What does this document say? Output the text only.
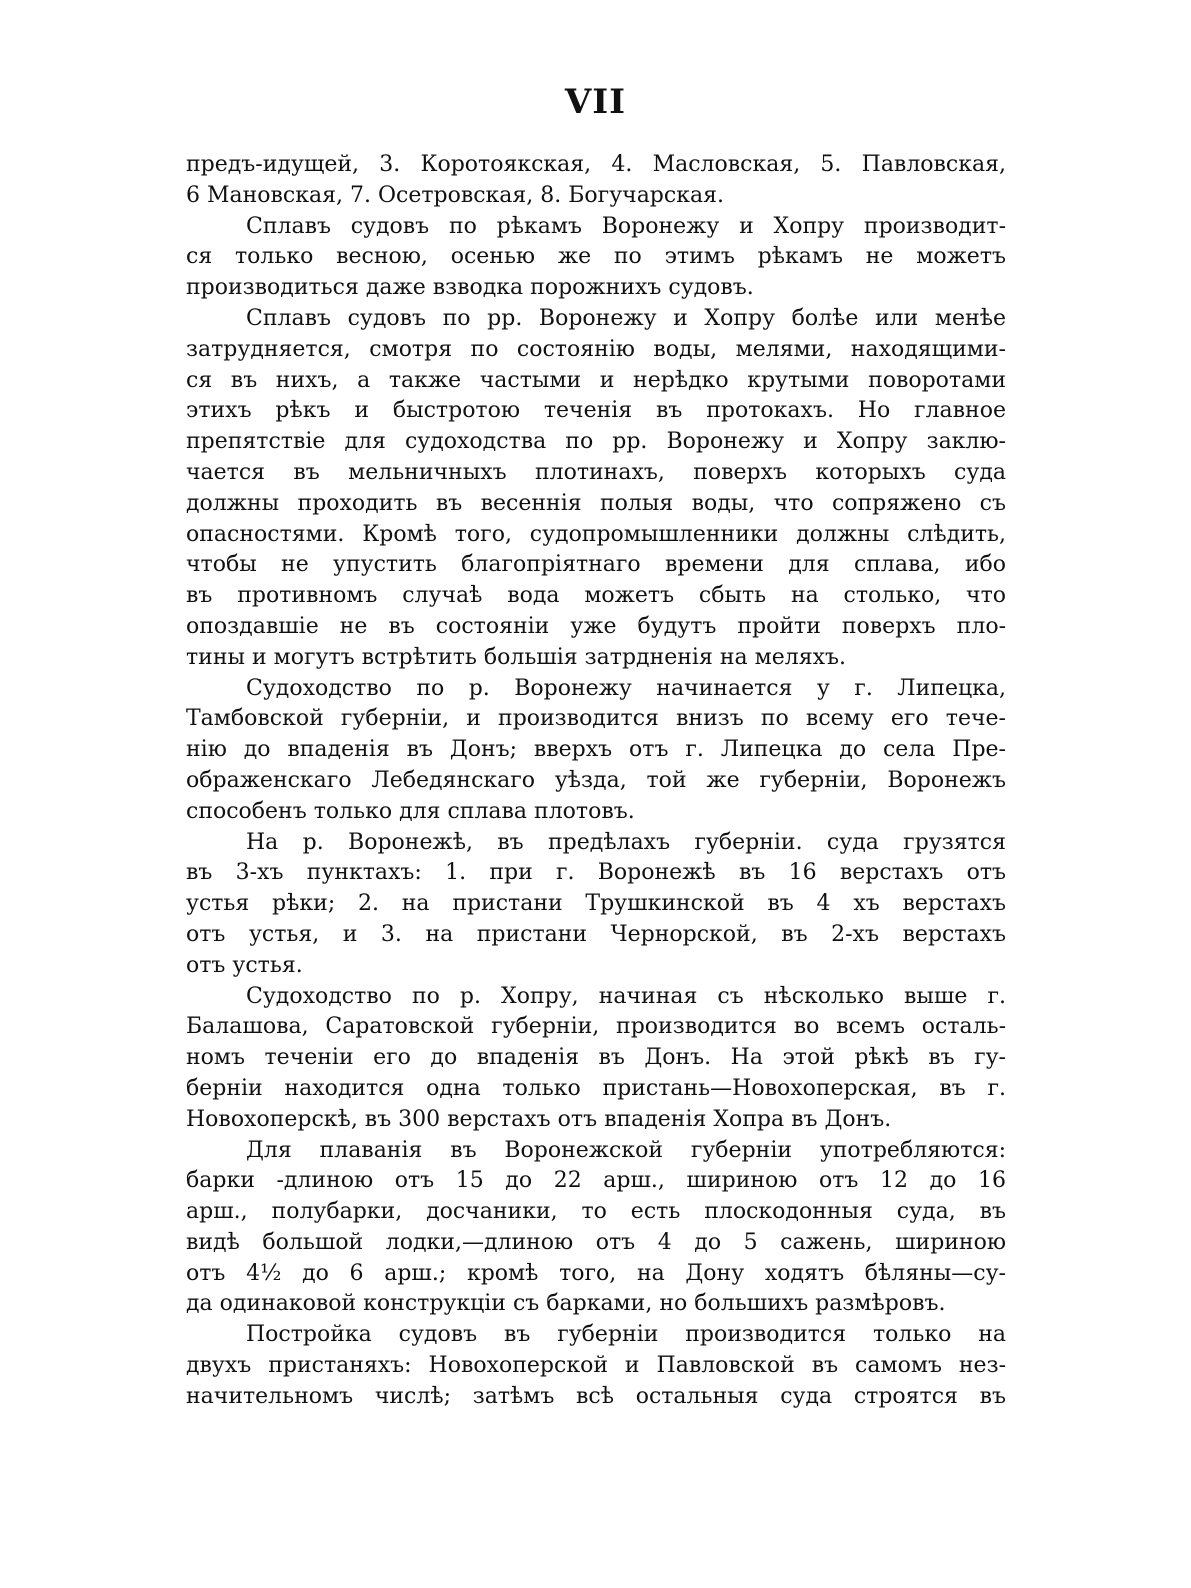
VII
предъ-идущей, 3. Коротоякская, 4. Масловская, 5. Павловская,
6 Мановская, 7. Осетровская, 8. Богучарская.
Сплавъ судовъ по рѣкамъ Воронежу и Хопру производит-
ся только весною, осенью же по этимъ рѣкамъ не можетъ
производиться даже взводка порожнихъ судовъ.
Сплавъ судовъ по рр. Воронежу и Хопру болѣе или менѣе
затрудняется, смотря по состоянію воды, мелями, находящими-
ся въ нихъ, а также частыми и нерѣдко крутыми поворотами
этихъ рѣкъ и быстротою теченія въ протокахъ. Но главное
препятствіе для судоходства по рр. Воронежу и Хопру заклю-
чается въ мельничныхъ плотинахъ, поверхъ которыхъ суда
должны проходить въ весеннія полыя воды, что сопряжено съ
опасностями. Кромѣ того, судопромышленники должны слѣдить,
чтобы не упустить благопріятнаго времени для сплава, ибо
въ противномъ случаѣ вода можетъ сбыть на столько, что
опоздавшіе не въ состояніи уже будутъ пройти поверхъ пло-
тины и могутъ встрѣтить большія затрдненія на меляхъ.
Судоходство по р. Воронежу начинается у г. Липецка,
Тамбовской губерніи, и производится внизъ по всему его тече-
нію до впаденія въ Донъ; вверхъ отъ г. Липецка до села Пре-
ображенскаго Лебедянскаго уѣзда, той же губерніи, Воронежъ
способенъ только для сплава плотовъ.
На р. Воронежѣ, въ предѣлахъ губерніи. суда грузятся
въ 3-хъ пунктахъ: 1. при г. Воронежѣ въ 16 верстахъ отъ
устья рѣки; 2. на пристани Трушкинской въ 4 хъ верстахъ
отъ устья, и 3. на пристани Чернорской, въ 2-хъ верстахъ
отъ устья.
Судоходство по р. Хопру, начиная съ нѣсколько выше г.
Балашова, Саратовской губерніи, производится во всемъ осталь-
номъ теченіи его до впаденія въ Донъ. На этой рѣкѣ въ гу-
берніи находится одна только пристань—Новохоперская, въ г.
Новохоперскѣ, въ 300 верстахъ отъ впаденія Хопра въ Донъ.
Для плаванія въ Воронежской губерніи употребляются:
барки -длиною отъ 15 до 22 арш., шириною отъ 12 до 16
арш., полубарки, досчаники, то есть плоскодонныя суда, въ
видѣ большой лодки,—длиною отъ 4 до 5 сажень, шириною
отъ 4½ до 6 арш.; кромѣ того, на Дону ходятъ бѣляны—су-
да одинаковой конструкціи съ барками, но большихъ размѣровъ.
Постройка судовъ въ губерніи производится только на
двухъ пристаняхъ: Новохоперской и Павловской въ самомъ нез-
начительномъ числѣ; затѣмъ всѣ остальныя суда строятся въ
